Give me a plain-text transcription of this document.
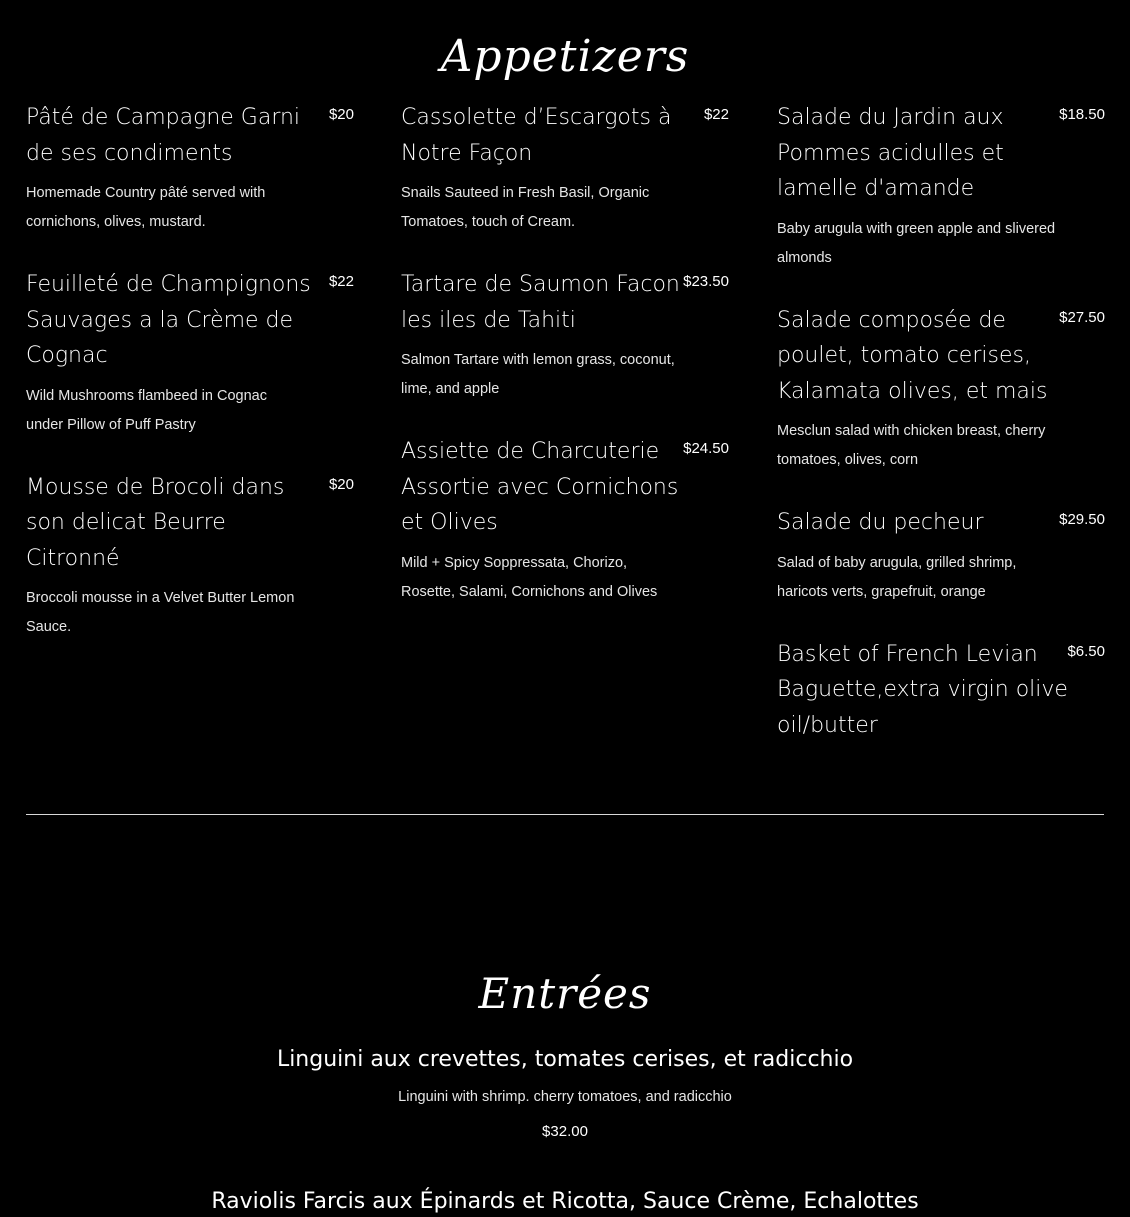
Appetizers
Pâté de Campagne Garni de ses condiments
$20
Homemade Country pâté served with cornichons, olives, mustard.
Feuilleté de Champignons Sauvages a la Crème de Cognac
$22
Wild Mushrooms flambeed in Cognac under Pillow of Puff Pastry
Mousse de Brocoli dans son delicat Beurre Citronné
$20
Broccoli mousse in a Velvet Butter Lemon Sauce.
Cassolette d’Escargots à Notre Façon
$22
Snails Sauteed in Fresh Basil, Organic Tomatoes, touch of Cream.
Tartare de Saumon Facon les iles de Tahiti
$23.50
Salmon Tartare with lemon grass, coconut, lime, and apple
Assiette de Charcuterie Assortie avec Cornichons et Olives
$24.50
Mild + Spicy Soppressata, Chorizo, Rosette, Salami, Cornichons and Olives
Salade du Jardin aux Pommes acidulles et lamelle d'amande
$18.50
Baby arugula with green apple and slivered almonds
Salade composée de poulet, tomato cerises, Kalamata olives, et mais
$27.50
Mesclun salad with chicken breast, cherry tomatoes, olives, corn
Salade du pecheur	$29.50
Salad of baby arugula, grilled shrimp, haricots verts, grapefruit, orange
Basket of French Levian Baguette,extra virgin olive oil/butter
$6.50
Entrées
Linguini aux crevettes, tomates cerises, et radicchio
Linguini with shrimp. cherry tomatoes, and radicchio
$32.00
Raviolis Farcis aux Épinards et Ricotta, Sauce Crème, Echalottes
